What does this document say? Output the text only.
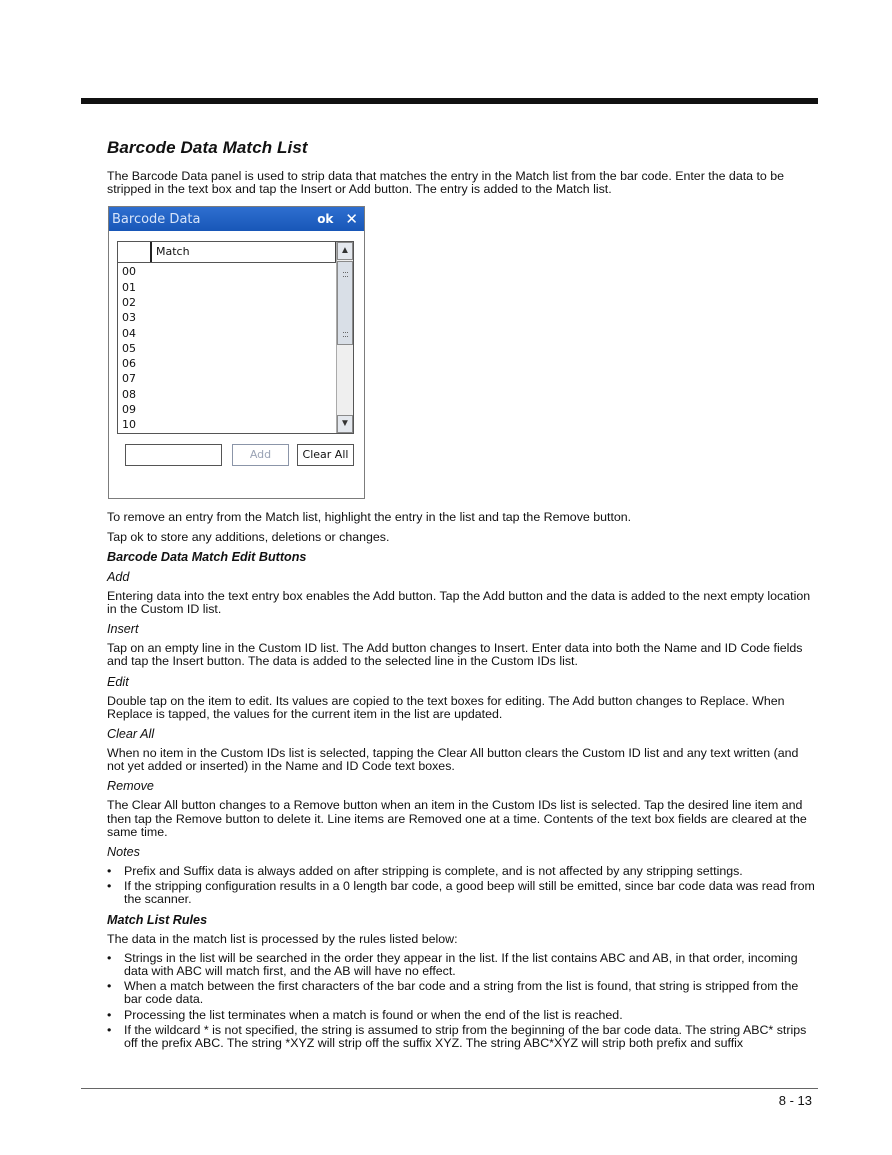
Barcode Data Match List

The Barcode Data panel is used to strip data that matches the entry in the Match list from the bar code. Enter the data to be stripped in the text box and tap the Insert or Add button. The entry is added to the Match list.

Barcode Data	ok ✕
Match
00
01
02
03
04
05
06
07
08
09
10
▲
▼
Add	Clear All

To remove an entry from the Match list, highlight the entry in the list and tap the Remove button.

Tap ok to store any additions, deletions or changes.

Barcode Data Match Edit Buttons
Add

Entering data into the text entry box enables the Add button. Tap the Add button and the data is added to the next empty location in the Custom ID list.

Insert

Tap on an empty line in the Custom ID list. The Add button changes to Insert. Enter data into both the Name and ID Code fields and tap the Insert button. The data is added to the selected line in the Custom IDs list.

Edit

Double tap on the item to edit. Its values are copied to the text boxes for editing. The Add button changes to Replace. When Replace is tapped, the values for the current item in the list are updated.

Clear All

When no item in the Custom IDs list is selected, tapping the Clear All button clears the Custom ID list and any text written (and not yet added or inserted) in the Name and ID Code text boxes.

Remove

The Clear All button changes to a Remove button when an item in the Custom IDs list is selected. Tap the desired line item and then tap the Remove button to delete it. Line items are Removed one at a time. Contents of the text box fields are cleared at the same time.

Notes
• Prefix and Suffix data is always added on after stripping is complete, and is not affected by any stripping settings.
• If the stripping configuration results in a 0 length bar code, a good beep will still be emitted, since bar code data was read from the scanner.
Match List Rules

The data in the match list is processed by the rules listed below:

• Strings in the list will be searched in the order they appear in the list. If the list contains ABC and AB, in that order, incoming data with ABC will match first, and the AB will have no effect.
• When a match between the first characters of the bar code and a string from the list is found, that string is stripped from the bar code data.
• Processing the list terminates when a match is found or when the end of the list is reached.
• If the wildcard * is not specified, the string is assumed to strip from the beginning of the bar code data. The string ABC* strips off the prefix ABC. The string *XYZ will strip off the suffix XYZ. The string ABC*XYZ will strip both prefix and suffix
8 - 13
